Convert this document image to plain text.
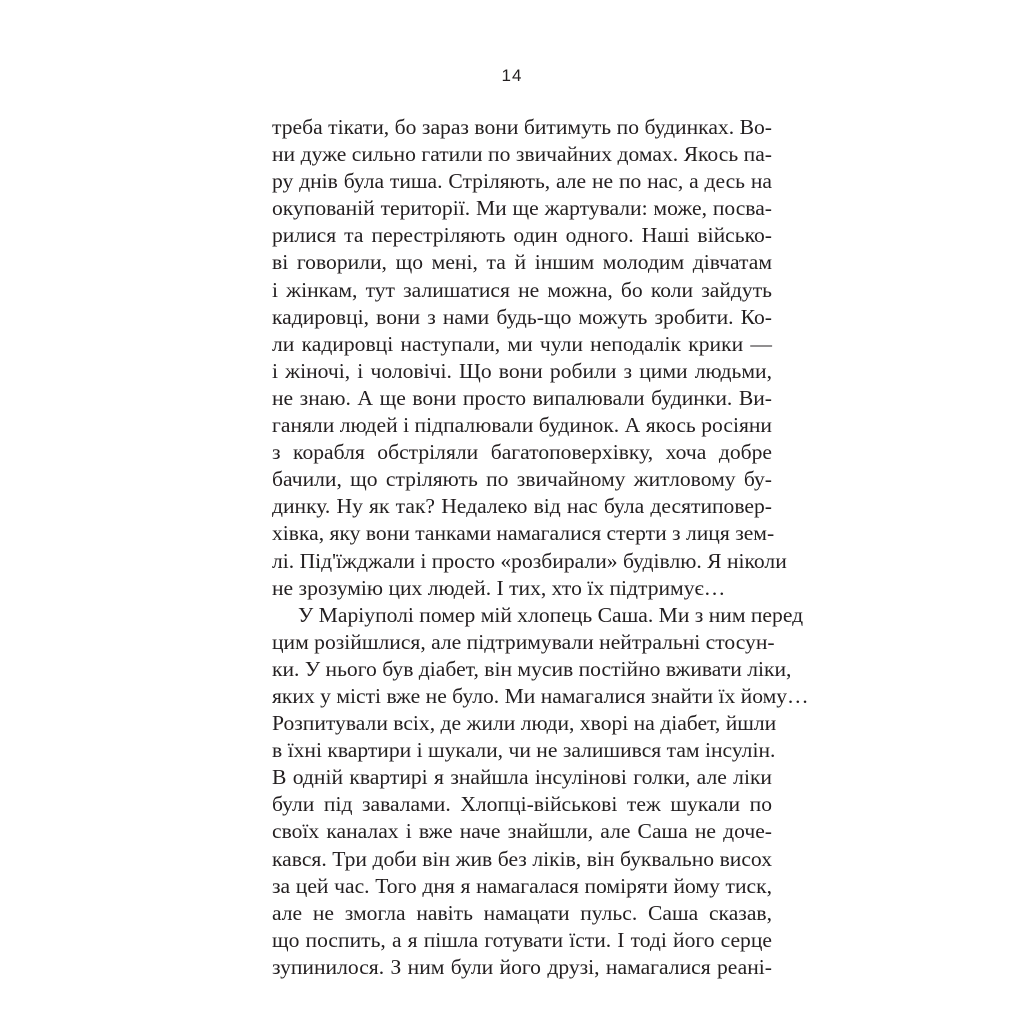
14
треба тікати, бо зараз вони битимуть по будинках. Во-
ни дуже сильно гатили по звичайних домах. Якось па-
ру днів була тиша. Стріляють, але не по нас, а десь на
окупованій території. Ми ще жартували: може, посва-
рилися та перестріляють один одного. Наші військо-
ві говорили, що мені, та й іншим молодим дівчатам
і жінкам, тут залишатися не можна, бо коли зайдуть
кадировці, вони з нами будь-що можуть зробити. Ко-
ли кадировці наступали, ми чули неподалік крики —
і жіночі, і чоловічі. Що вони робили з цими людьми,
не знаю. А ще вони просто випалювали будинки. Ви-
ганяли людей і підпалювали будинок. А якось росіяни
з корабля обстріляли багатоповерхівку, хоча добре
бачили, що стріляють по звичайному житловому бу-
динку. Ну як так? Недалеко від нас була десятиповер-
хівка, яку вони танками намагалися стерти з лиця зем-
лі. Під'їжджали і просто «розбирали» будівлю. Я ніколи
не зрозумію цих людей. І тих, хто їх підтримує…
У Маріуполі помер мій хлопець Саша. Ми з ним перед
цим розійшлися, але підтримували нейтральні стосун-
ки. У нього був діабет, він мусив постійно вживати ліки,
яких у місті вже не було. Ми намагалися знайти їх йому…
Розпитували всіх, де жили люди, хворі на діабет, йшли
в їхні квартири і шукали, чи не залишився там інсулін.
В одній квартирі я знайшла інсулінові голки, але ліки
були під завалами. Хлопці-військові теж шукали по
своїх каналах і вже наче знайшли, але Саша не доче-
кався. Три доби він жив без ліків, він буквально висох
за цей час. Того дня я намагалася поміряти йому тиск,
але не змогла навіть намацати пульс. Саша сказав,
що поспить, а я пішла готувати їсти. І тоді його серце
зупинилося. З ним були його друзі, намагалися реані-
